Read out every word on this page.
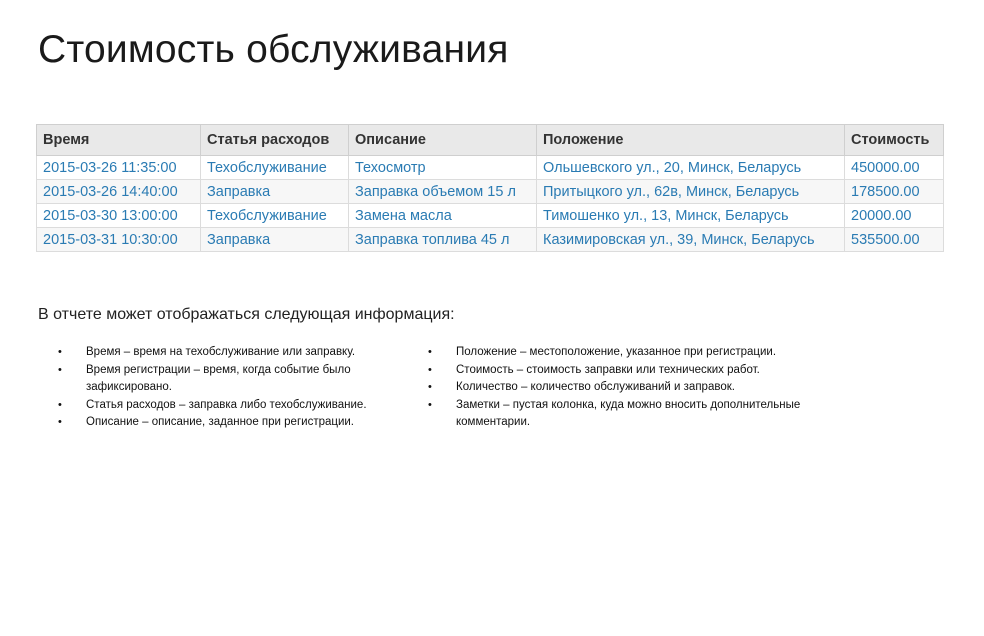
Стоимость обслуживания
Время	Статья расходов	Описание	Положение	Стоимость
2015-03-26 11:35:00	Техобслуживание	Техосмотр	Ольшевского ул., 20, Минск, Беларусь	450000.00
2015-03-26 14:40:00	Заправка	Заправка объемом 15 л	Притыцкого ул., 62в, Минск, Беларусь	178500.00
2015-03-30 13:00:00	Техобслуживание	Замена масла	Тимошенко ул., 13, Минск, Беларусь	20000.00
2015-03-31 10:30:00	Заправка	Заправка топлива 45 л	Казимировская ул., 39, Минск, Беларусь	535500.00

В отчете может отображаться следующая информация:

• Время – время на техобслуживание или заправку.
• Время регистрации – время, когда событие было зафиксировано.
• Статья расходов – заправка либо техобслуживание.
• Описание – описание, заданное при регистрации.
• Положение – местоположение, указанное при регистрации.
• Стоимость – стоимость заправки или технических работ.
• Количество – количество обслуживаний и заправок.
• Заметки – пустая колонка, куда можно вносить дополнительные комментарии.
